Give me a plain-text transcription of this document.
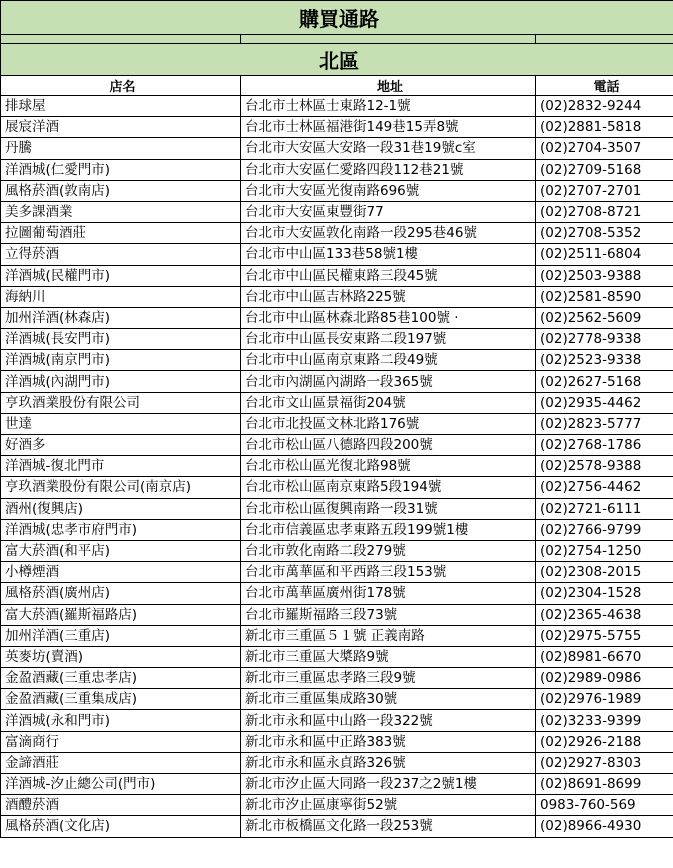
購買通路		

北區		
店名	地址	電話
排球屋	台北市士林區士東路12-1號	(02)2832-9244
展宸洋酒	台北市士林區福港街149巷15弄8號	(02)2881-5818
丹騰	台北市大安區大安路一段31巷19號c室	(02)2704-3507
洋酒城(仁愛門市)	台北市大安區仁愛路四段112巷21號	(02)2709-5168
風格菸酒(敦南店)	台北市大安區光復南路696號	(02)2707-2701
美多課酒業	台北市大安區東豐街77	(02)2708-8721
拉圖葡萄酒莊	台北市大安區敦化南路一段295巷46號	(02)2708-5352
立得菸酒	台北市中山區133巷58號1樓	(02)2511-6804
洋酒城(民權門市)	台北市中山區民權東路三段45號	(02)2503-9388
海納川	台北市中山區吉林路225號	(02)2581-8590
加州洋酒(林森店)	台北市中山區林森北路85巷100號 ·	(02)2562-5609
洋酒城(長安門市)	台北市中山區長安東路二段197號	(02)2778-9338
洋酒城(南京門市)	台北市中山區南京東路二段49號	(02)2523-9338
洋酒城(內湖門市)	台北市內湖區內湖路一段365號	(02)2627-5168
亨玖酒業股份有限公司	台北市文山區景福街204號	(02)2935-4462
世達	台北市北投區文林北路176號	(02)2823-5777
好酒多	台北市松山區八德路四段200號	(02)2768-1786
洋酒城-復北門市	台北市松山區光復北路98號	(02)2578-9388
亨玖酒業股份有限公司(南京店)	台北市松山區南京東路5段194號	(02)2756-4462
酒州(復興店)	台北市松山區復興南路一段31號	(02)2721-6111
洋酒城(忠孝市府門市)	台北市信義區忠孝東路五段199號1樓	(02)2766-9799
富大菸酒(和平店)	台北市敦化南路二段279號	(02)2754-1250
小樽煙酒	台北市萬華區和平西路三段153號	(02)2308-2015
風格菸酒(廣州店)	台北市萬華區廣州街178號	(02)2304-1528
富大菸酒(羅斯福路店)	台北市羅斯福路三段73號	(02)2365-4638
加州洋酒(三重店)	新北市三重區５１號 正義南路	(02)2975-5755
英麥坊(賣酒)	新北市三重區大槳路9號	(02)8981-6670
金盈酒藏(三重忠孝店)	新北市三重區忠孝路三段9號	(02)2989-0986
金盈酒藏(三重集成店)	新北市三重區集成路30號	(02)2976-1989
洋酒城(永和門市)	新北市永和區中山路一段322號	(02)3233-9399
富滴商行	新北市永和區中正路383號	(02)2926-2188
金諦酒莊	新北市永和區永貞路326號	(02)2927-8303
洋酒城-汐止總公司(門市)	新北市汐止區大同路一段237之2號1樓	(02)8691-8699
酒醴菸酒	新北市汐止區康寧街52號	0983-760-569
風格菸酒(文化店)	新北市板橋區文化路一段253號	(02)8966-4930
